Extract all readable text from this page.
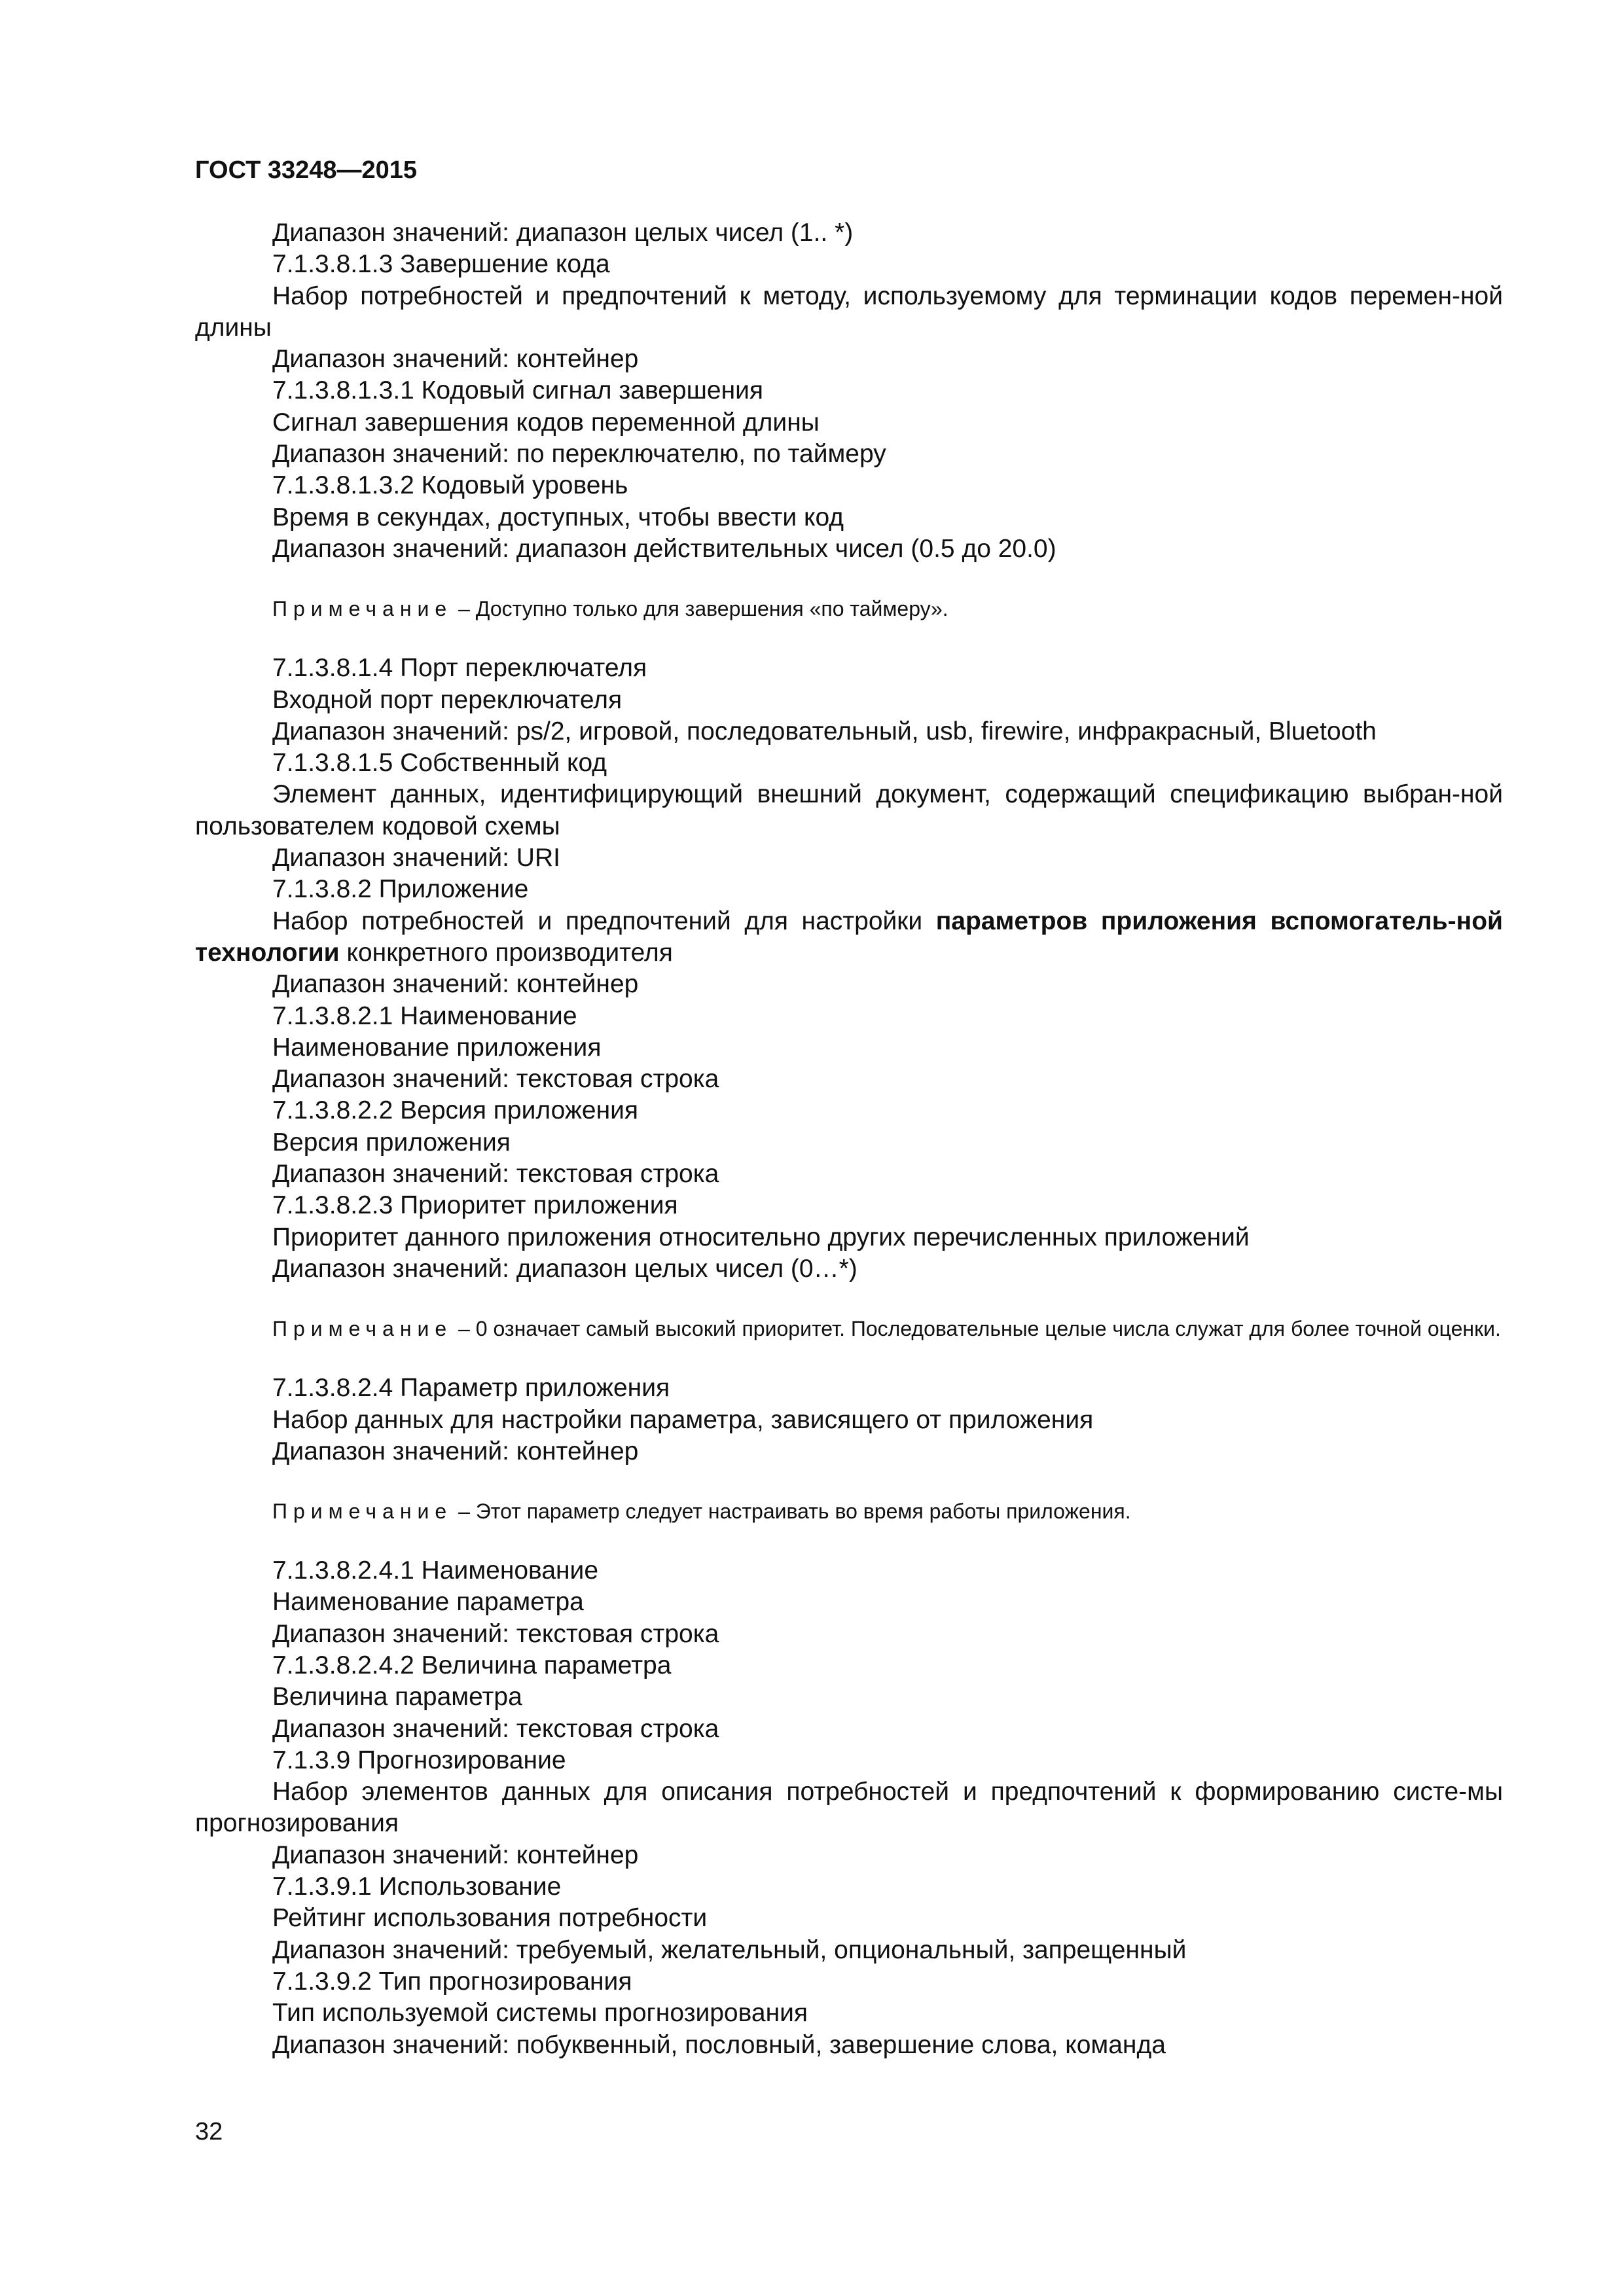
ГОСТ 33248—2015

Диапазон значений: диапазон целых чисел (1.. *)

7.1.3.8.1.3 Завершение кода

Набор потребностей и предпочтений к методу, используемому для терминации кодов перемен-ной длины

Диапазон значений: контейнер

7.1.3.8.1.3.1 Кодовый сигнал завершения

Сигнал завершения кодов переменной длины

Диапазон значений: по переключателю, по таймеру

7.1.3.8.1.3.2 Кодовый уровень

Время в секундах, доступных, чтобы ввести код

Диапазон значений: диапазон действительных чисел (0.5 до 20.0)

Примечание – Доступно только для завершения «по таймеру».

7.1.3.8.1.4 Порт переключателя

Входной порт переключателя

Диапазон значений: ps/2, игровой, последовательный, usb, firewire, инфракрасный, Bluetooth

7.1.3.8.1.5 Собственный код

Элемент данных, идентифицирующий внешний документ, содержащий спецификацию выбран-ной пользователем кодовой схемы

Диапазон значений: URI

7.1.3.8.2 Приложение

Набор потребностей и предпочтений для настройки параметров приложения вспомогатель-ной технологии конкретного производителя

Диапазон значений: контейнер

7.1.3.8.2.1 Наименование

Наименование приложения

Диапазон значений: текстовая строка

7.1.3.8.2.2 Версия приложения

Версия приложения

Диапазон значений: текстовая строка

7.1.3.8.2.3 Приоритет приложения

Приоритет данного приложения относительно других перечисленных приложений

Диапазон значений: диапазон целых чисел (0…*)

Примечание – 0 означает самый высокий приоритет. Последовательные целые числа служат для более точной оценки.

7.1.3.8.2.4 Параметр приложения

Набор данных для настройки параметра, зависящего от приложения

Диапазон значений: контейнер

Примечание – Этот параметр следует настраивать во время работы приложения.

7.1.3.8.2.4.1 Наименование

Наименование параметра

Диапазон значений: текстовая строка

7.1.3.8.2.4.2 Величина параметра

Величина параметра

Диапазон значений: текстовая строка

7.1.3.9 Прогнозирование

Набор элементов данных для описания потребностей и предпочтений к формированию систе-мы прогнозирования

Диапазон значений: контейнер

7.1.3.9.1 Использование

Рейтинг использования потребности

Диапазон значений: требуемый, желательный, опциональный, запрещенный

7.1.3.9.2 Тип прогнозирования

Тип используемой системы прогнозирования

Диапазон значений: побуквенный, пословный, завершение слова, команда

32
